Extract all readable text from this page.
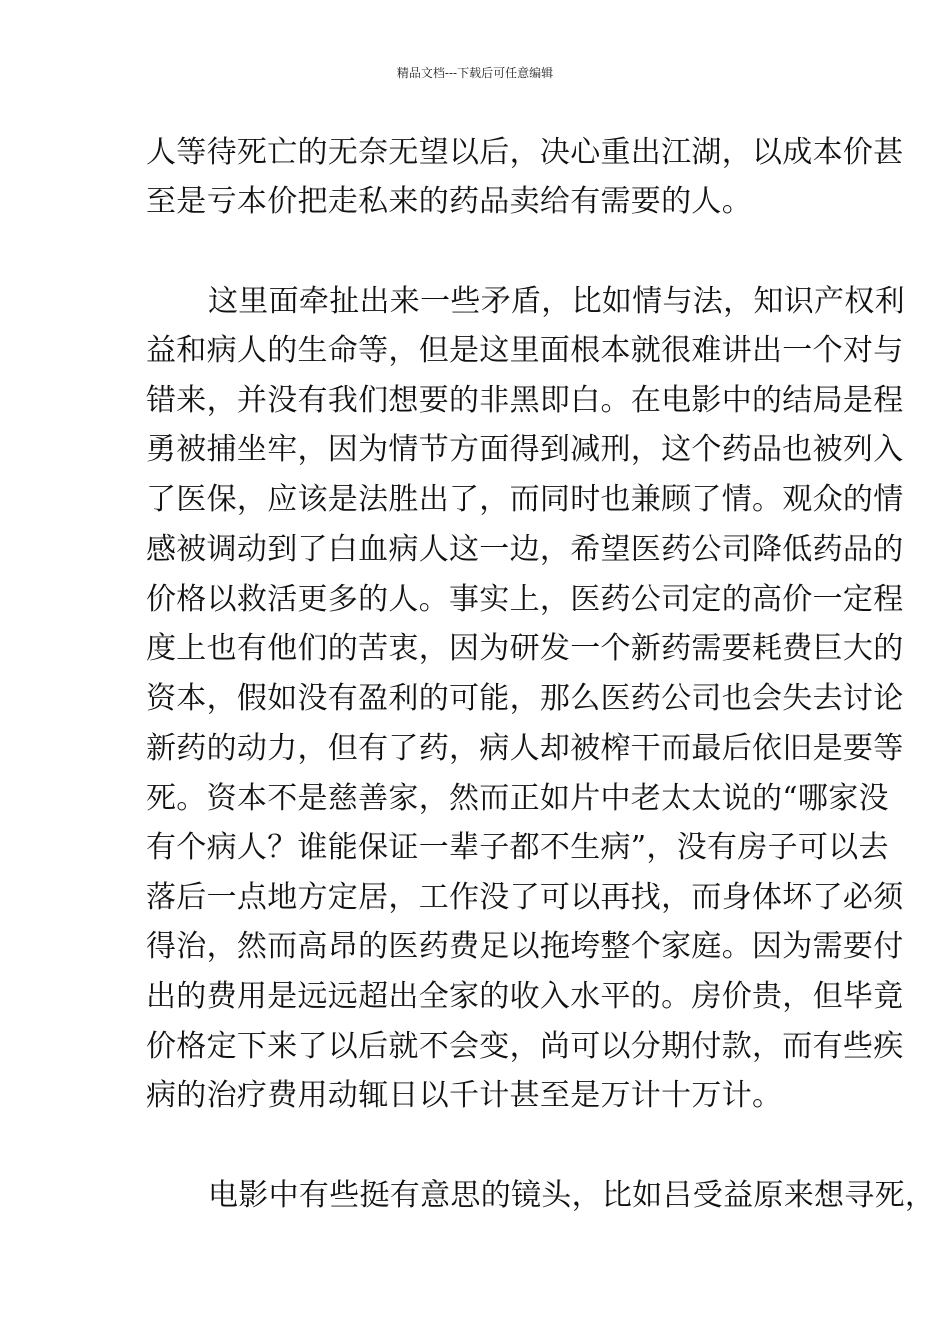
精品文档---下载后可任意编辑
人等待死亡的无奈无望以后，决心重出江湖，以成本价甚
至是亏本价把走私来的药品卖给有需要的人。
这里面牵扯出来一些矛盾，比如情与法，知识产权利
益和病人的生命等，但是这里面根本就很难讲出一个对与
错来，并没有我们想要的非黑即白。在电影中的结局是程
勇被捕坐牢，因为情节方面得到减刑，这个药品也被列入
了医保，应该是法胜出了，而同时也兼顾了情。观众的情
感被调动到了白血病人这一边，希望医药公司降低药品的
价格以救活更多的人。事实上，医药公司定的高价一定程
度上也有他们的苦衷，因为研发一个新药需要耗费巨大的
资本，假如没有盈利的可能，那么医药公司也会失去讨论
新药的动力，但有了药，病人却被榨干而最后依旧是要等
死。资本不是慈善家，然而正如片中老太太说的“哪家没
有个病人？谁能保证一辈子都不生病”，没有房子可以去
落后一点地方定居，工作没了可以再找，而身体坏了必须
得治，然而高昂的医药费足以拖垮整个家庭。因为需要付
出的费用是远远超出全家的收入水平的。房价贵，但毕竟
价格定下来了以后就不会变，尚可以分期付款，而有些疾
病的治疗费用动辄日以千计甚至是万计十万计。
电影中有些挺有意思的镜头，比如吕受益原来想寻死，
